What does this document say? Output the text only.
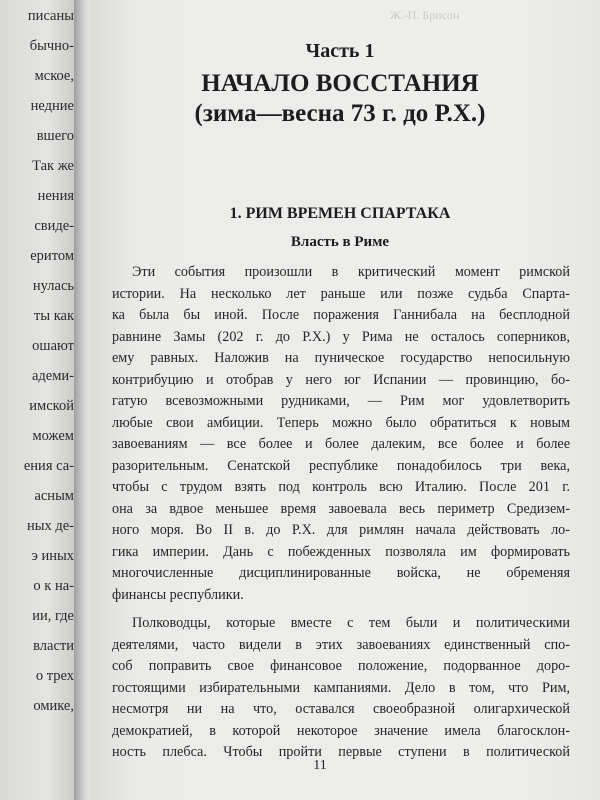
писаны
бычно-
мское,
недние
вшего
Так же
нения
свиде-
еритом
нулась
ты как
ошают
адеми-
имской
можем
ения са-
асным
ных де-
э иных
о к на-
ии, где
власти
о трех
омике,
Ж.-П. Брисон
Часть 1
НАЧАЛО ВОССТАНИЯ
(зима—весна 73 г. до Р.Х.)
1. РИМ ВРЕМЕН СПАРТАКА
Власть в Риме
Эти события произошли в критический момент римской
истории. На несколько лет раньше или позже судьба Спарта-
ка была бы иной. После поражения Ганнибала на бесплодной
равнине Замы (202 г. до Р.Х.) у Рима не осталось соперников,
ему равных. Наложив на пуническое государство непосильную
контрибуцию и отобрав у него юг Испании — провинцию, бо-
гатую всевозможными рудниками, — Рим мог удовлетворить
любые свои амбиции. Теперь можно было обратиться к новым
завоеваниям — все более и более далеким, все более и более
разорительным. Сенатской республике понадобилось три века,
чтобы с трудом взять под контроль всю Италию. После 201 г.
она за вдвое меньшее время завоевала весь периметр Средизем-
ного моря. Во II в. до Р.Х. для римлян начала действовать ло-
гика империи. Дань с побежденных позволяла им формировать
многочисленные дисциплинированные войска, не обременяя
финансы республики.
Полководцы, которые вместе с тем были и политическими
деятелями, часто видели в этих завоеваниях единственный спо-
соб поправить свое финансовое положение, подорванное доро-
гостоящими избирательными кампаниями. Дело в том, что Рим,
несмотря ни на что, оставался своеобразной олигархической
демократией, в которой некоторое значение имела благосклон-
ность плебса. Чтобы пройти первые ступени в политической
11
